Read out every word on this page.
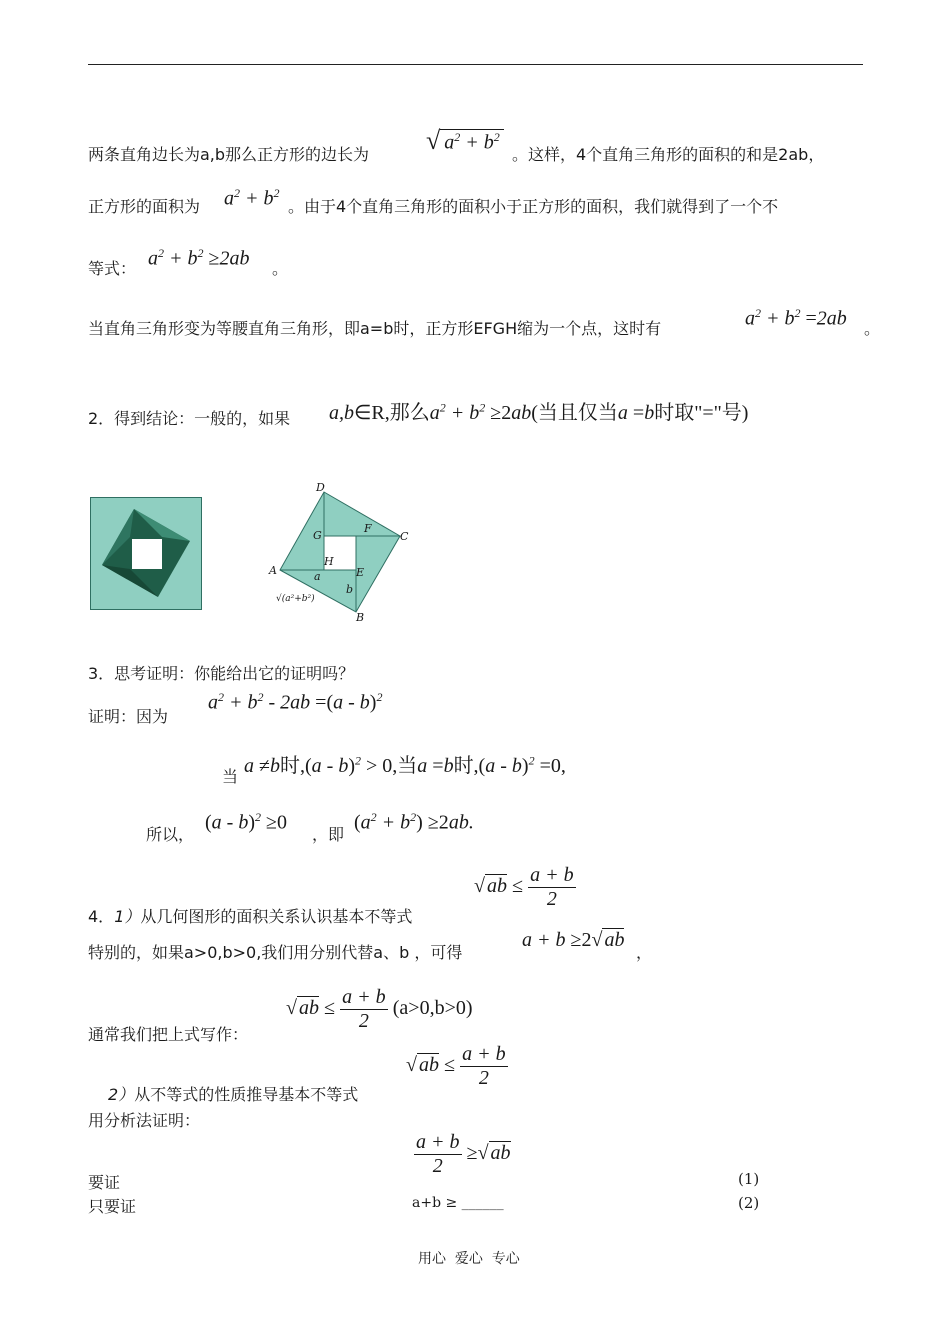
两条直角边长为a,b那么正方形的边长为 √ $a^2 + b^2$
。这样，4个直角三角形的面积的和是2ab，
正方形的面积为 $a^2 + b^2$
。由于4个直角三角形的面积小于正方形的面积，我们就得到了一个不
等式： $a^2 + b^2 \ge 2ab$ 。
当直角三角形变为等腰直角三角形，即a=b时，正方形EFGH缩为一个点，这时有	$a^2 + b^2 =2ab$ 。
2．得到结论：一般的，如果 a,b∈R,那么$a^2 + b^2 \ge 2ab$(当且仅当a =b时取"="号)
D
C
A
B
G
F
H
E
a
b
√(a²+b²)
3．思考证明：你能给出它的证明吗？
证明：因为
$a^2 + b^2 - 2ab =(a - b)^2$
当 a ≠b时,(a - b)$^2$ > 0,当a =b时,(a - b)$^2$ =0,
所以，
(a - b)$^2$ ≥0
，即
$(a^2 + b^2) \ge 2ab$.
4．1）从几何图形的面积关系认识基本不等式
√ ab ≤ $\frac{a + b}{2}$
特别的，如果a>0,b>0,我们用分别代替a、b ，可得
a + b ≥2√ ab
，
通常我们把上式写作：
√ ab ≤ $\frac{a + b}{2} (a>0,b>0)$
2）从不等式的性质推导基本不等式
√ ab ≤ $\frac{a + b}{2}$
用分析法证明：
$\frac{a + b}{2}$ ≥√ ab
要证	(1)
只要证	a+b ≥ ______	(2)
用心  爱心  专心
